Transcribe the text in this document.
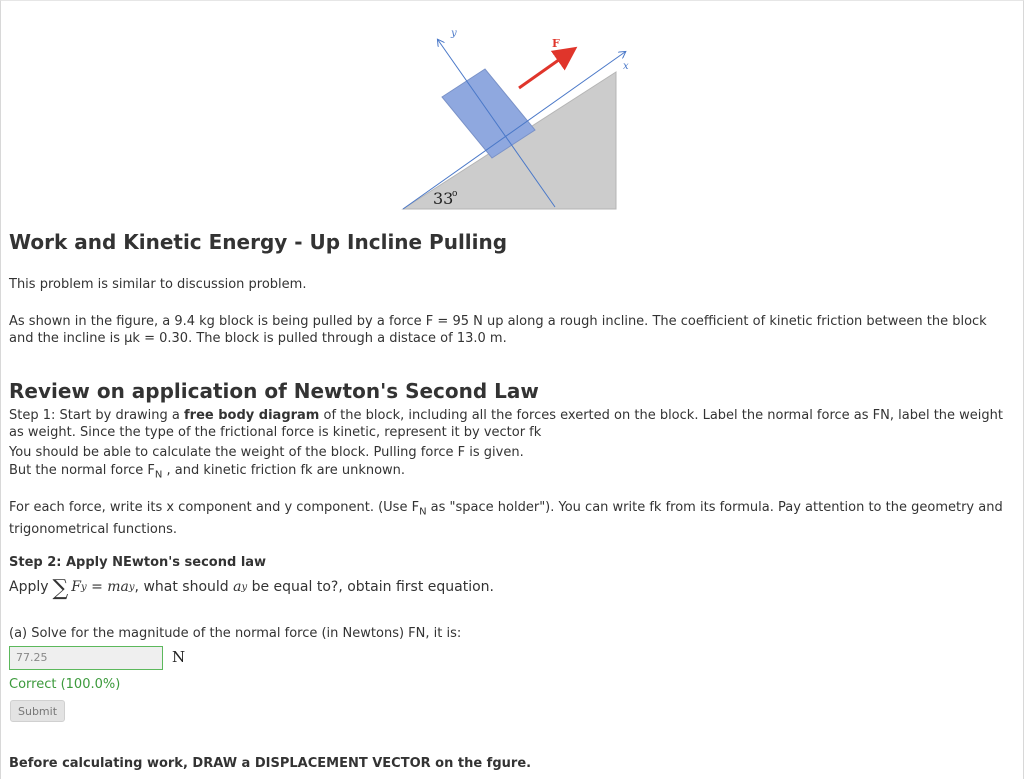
F
y
x
33
o
Work and Kinetic Energy - Up Incline Pulling

This problem is similar to discussion problem.

As shown in the figure, a 9.4 kg block is being pulled by a force F = 95 N up along a rough incline. The coefficient of kinetic friction between the block and the incline is μk = 0.30. The block is pulled through a distace of 13.0 m.

Review on application of Newton's Second Law

Step 1: Start by drawing a free body diagram of the block, including all the forces exerted on the block. Label the normal force as FN, label the weight as weight. Since the type of the frictional force is kinetic, represent it by vector fk

You should be able to calculate the weight of the block. Pulling force F is given.

But the normal force $F_N$ , and kinetic friction fk are unknown.

For each force, write its x component and y component. (Use $F_N$ as "space holder"). You can write fk from its formula. Pay attention to the geometry and trigonometrical functions.

Step 2: Apply NEwton's second law

Apply ∑ F y = ma y , what should a y be equal to?, obtain first equation.

(a) Solve for the magnitude of the normal force (in Newtons) FN, it is:

77.25	N
Correct (100.0%)
Submit

Before calculating work, DRAW a DISPLACEMENT VECTOR on the fgure.
